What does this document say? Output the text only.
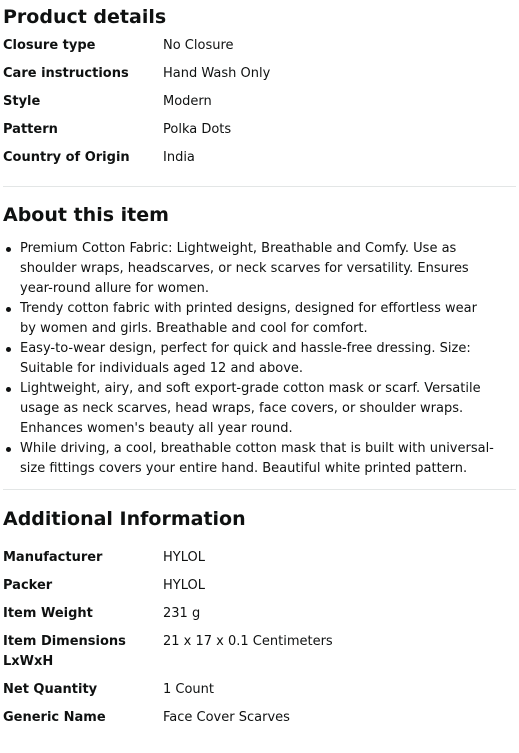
Product details
Closure type	No Closure
Care instructions	Hand Wash Only
Style	Modern
Pattern	Polka Dots
Country of Origin	India
About this item
Premium Cotton Fabric: Lightweight, Breathable and Comfy. Use as shoulder wraps, headscarves, or neck scarves for versatility. Ensures year-round allure for women.
Trendy cotton fabric with printed designs, designed for effortless wear by women and girls. Breathable and cool for comfort.
Easy-to-wear design, perfect for quick and hassle-free dressing. Size: Suitable for individuals aged 12 and above.
Lightweight, airy, and soft export-grade cotton mask or scarf. Versatile usage as neck scarves, head wraps, face covers, or shoulder wraps. Enhances women's beauty all year round.
While driving, a cool, breathable cotton mask that is built with universal-size fittings covers your entire hand. Beautiful white printed pattern.
Additional Information
Manufacturer	HYLOL
Packer	HYLOL
Item Weight	231 g
Item Dimensions LxWxH	21 x 17 x 0.1 Centimeters
Net Quantity	1 Count
Generic Name	Face Cover Scarves
